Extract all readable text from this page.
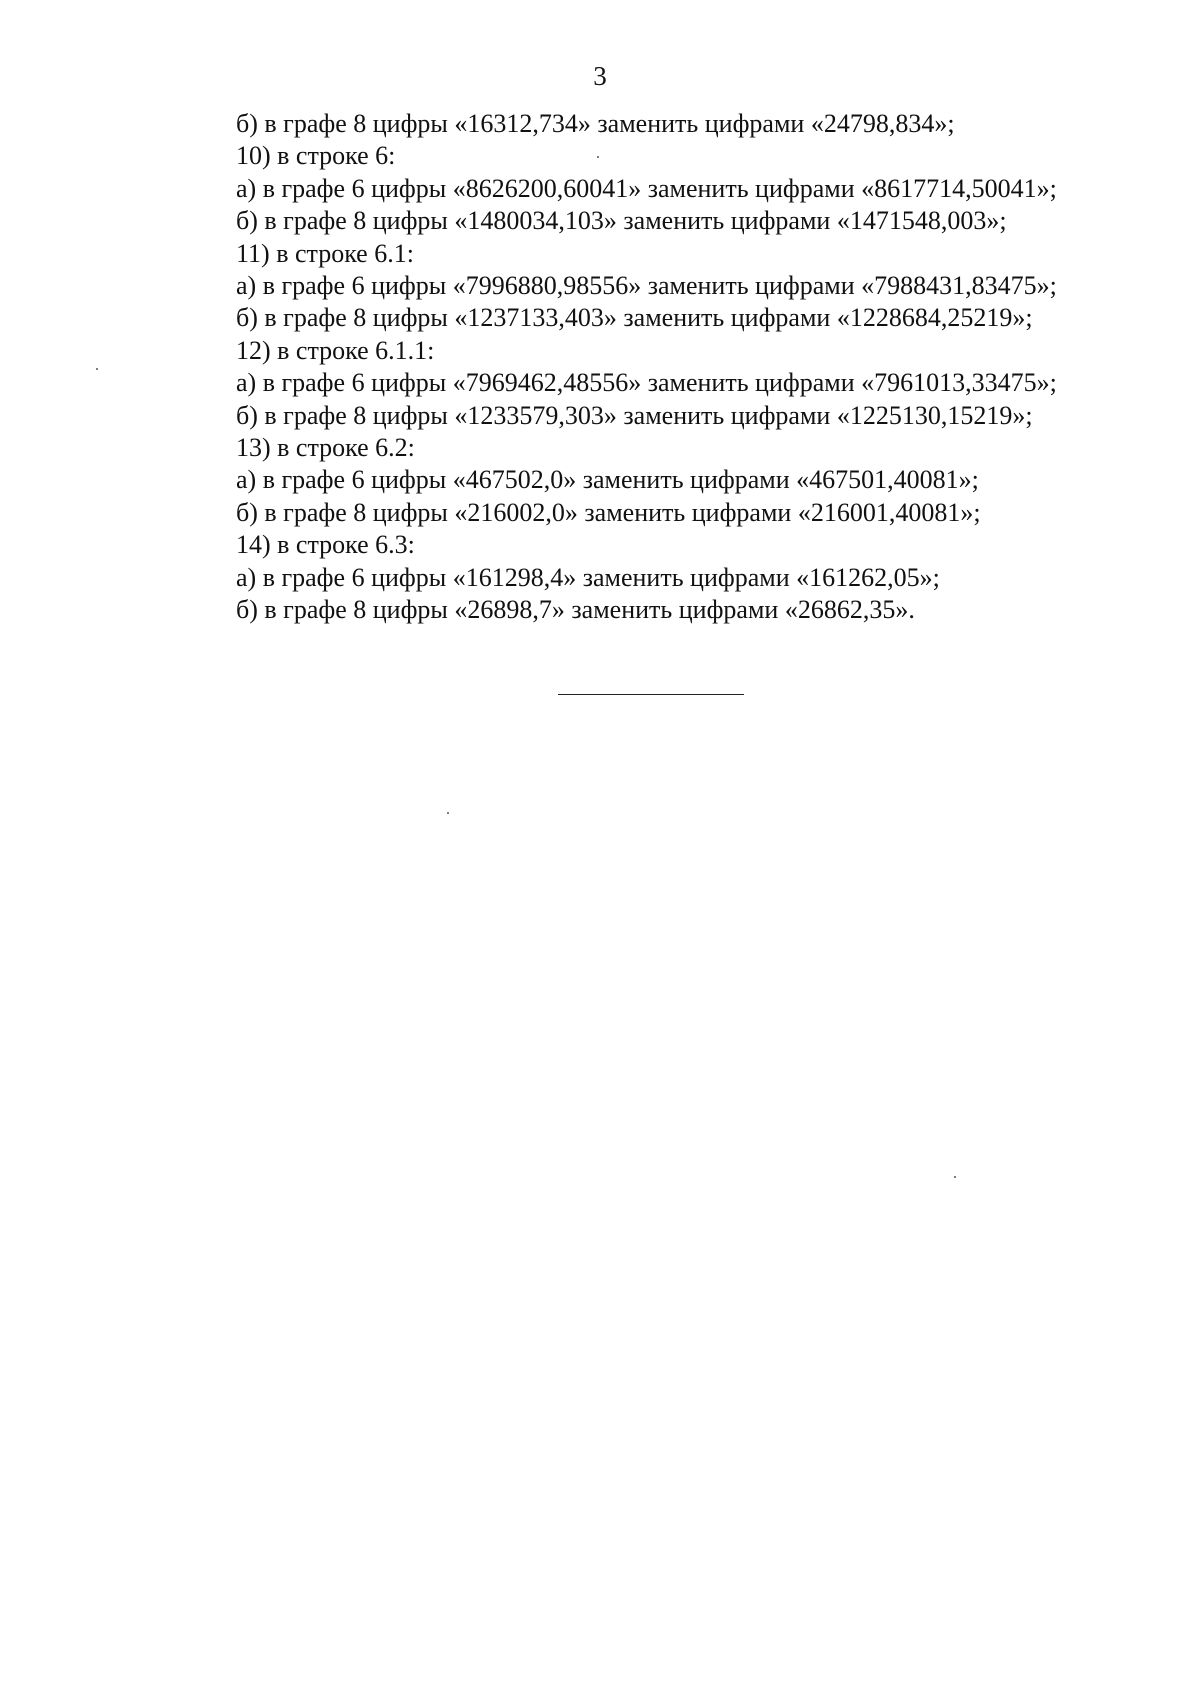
3
б) в графе 8 цифры «16312,734» заменить цифрами «24798,834»;
10) в строке 6:
а) в графе 6 цифры «8626200,60041» заменить цифрами «8617714,50041»;
б) в графе 8 цифры «1480034,103» заменить цифрами «1471548,003»;
11) в строке 6.1:
а) в графе 6 цифры «7996880,98556» заменить цифрами «7988431,83475»;
б) в графе 8 цифры «1237133,403» заменить цифрами «1228684,25219»;
12) в строке 6.1.1:
а) в графе 6 цифры «7969462,48556» заменить цифрами «7961013,33475»;
б) в графе 8 цифры «1233579,303» заменить цифрами «1225130,15219»;
13) в строке 6.2:
а) в графе 6 цифры «467502,0» заменить цифрами «467501,40081»;
б) в графе 8 цифры «216002,0» заменить цифрами «216001,40081»;
14) в строке 6.3:
а) в графе 6 цифры «161298,4» заменить цифрами «161262,05»;
б) в графе 8 цифры «26898,7» заменить цифрами «26862,35».
